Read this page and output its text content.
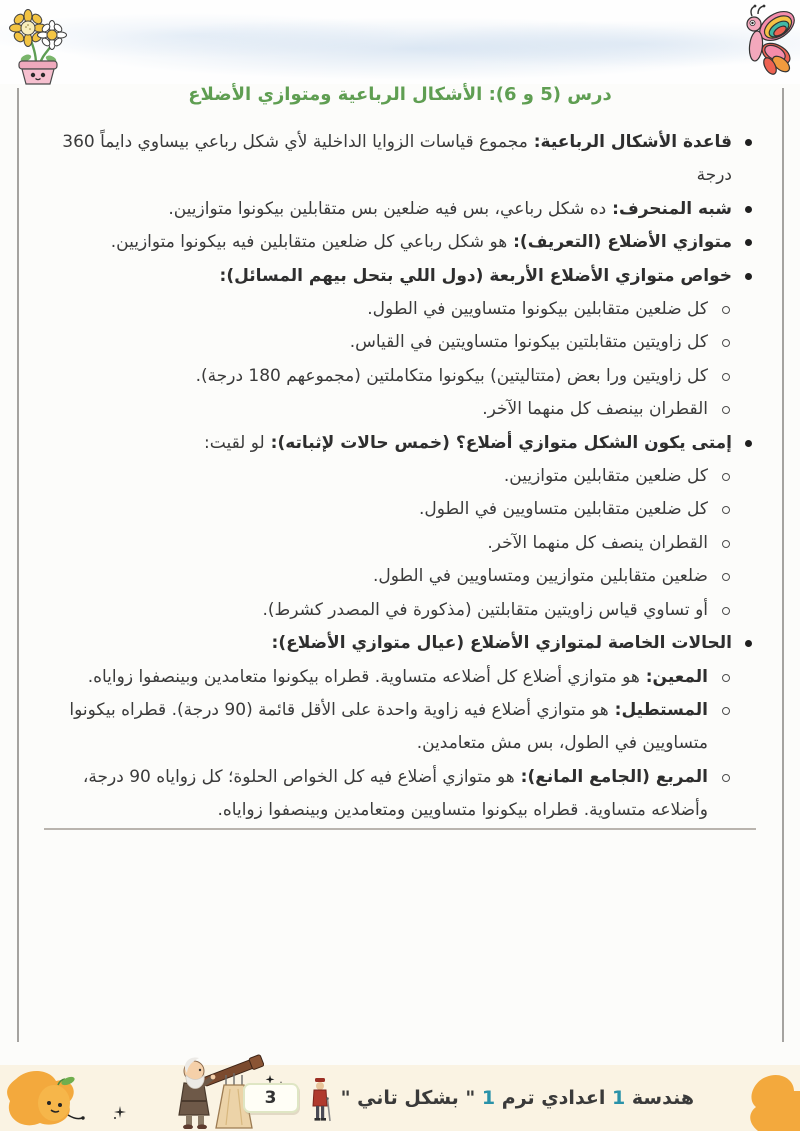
درس (5 و 6): الأشكال الرباعية ومتوازي الأضلاع
قاعدة الأشكال الرباعية: مجموع قياسات الزوايا الداخلية لأي شكل رباعي بيساوي دايماً 360 درجة
شبه المنحرف: ده شكل رباعي، بس فيه ضلعين بس متقابلين بيكونوا متوازيين.
متوازي الأضلاع (التعريف): هو شكل رباعي كل ضلعين متقابلين فيه بيكونوا متوازيين.
خواص متوازي الأضلاع الأربعة (دول اللي بتحل بيهم المسائل):
كل ضلعين متقابلين بيكونوا متساويين في الطول.
كل زاويتين متقابلتين بيكونوا متساويتين في القياس.
كل زاويتين ورا بعض (متتاليتين) بيكونوا متكاملتين (مجموعهم 180 درجة).
القطران بينصف كل منهما الآخر.
إمتى يكون الشكل متوازي أضلاع؟ (خمس حالات لإثباته): لو لقيت:
كل ضلعين متقابلين متوازيين.
كل ضلعين متقابلين متساويين في الطول.
القطران ينصف كل منهما الآخر.
ضلعين متقابلين متوازيين ومتساويين في الطول.
أو تساوي قياس زاويتين متقابلتين (مذكورة في المصدر كشرط).
الحالات الخاصة لمتوازي الأضلاع (عيال متوازي الأضلاع):
المعين: هو متوازي أضلاع كل أضلاعه متساوية. قطراه بيكونوا متعامدين وبينصفوا زواياه.
المستطيل: هو متوازي أضلاع فيه زاوية واحدة على الأقل قائمة (90 درجة). قطراه بيكونوا متساويين في الطول، بس مش متعامدين.
المربع (الجامع المانع): هو متوازي أضلاع فيه كل الخواص الحلوة؛ كل زواياه 90 درجة، وأضلاعه متساوية. قطراه بيكونوا متساويين ومتعامدين وبينصفوا زواياه.
هندسة 1 اعدادي ترم 1 " بشكل تاني "
3
